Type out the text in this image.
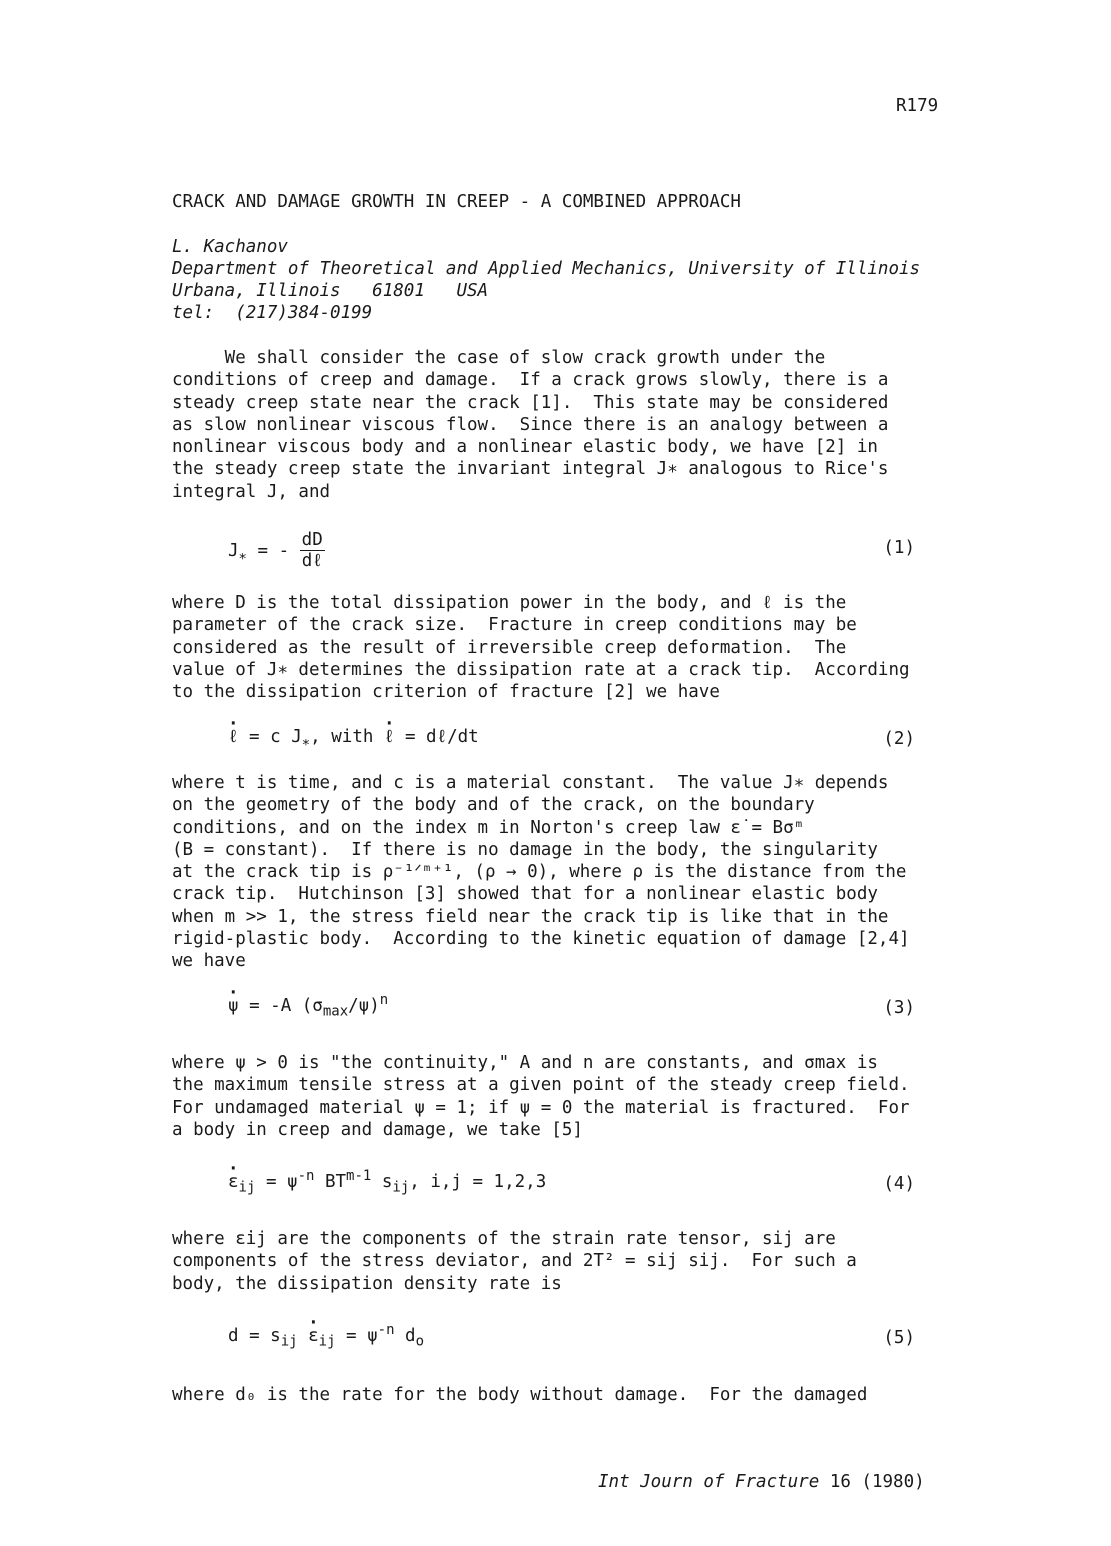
R179
CRACK AND DAMAGE GROWTH IN CREEP - A COMBINED APPROACH
L. Kachanov
Department of Theoretical and Applied Mechanics, University of Illinois
Urbana, Illinois   61801   USA
tel:  (217)384-0199
We shall consider the case of slow crack growth under the
conditions of creep and damage.  If a crack grows slowly, there is a
steady creep state near the crack [1].  This state may be considered
as slow nonlinear viscous flow.  Since there is an analogy between a
nonlinear viscous body and a nonlinear elastic body, we have [2] in
the steady creep state the invariant integral J∗ analogous to Rice's
integral J, and
$J_∗$ = - $\frac{dD}{\text{dℓ}}$	(1)
where D is the total dissipation power in the body, and ℓ is the
parameter of the crack size.  Fracture in creep conditions may be
considered as the result of irreversible creep deformation.  The
value of J∗ determines the dissipation rate at a crack tip.  According
to the dissipation criterion of fracture [2] we have
· ℓ = c $J_∗$, with · ℓ = dℓ/dt	(2)
where t is time, and c is a material constant.  The value J∗ depends
on the geometry of the body and of the crack, on the boundary
conditions, and on the index m in Norton's creep law ε̇ = Bσᵐ
(B = constant).  If there is no damage in the body, the singularity
at the crack tip is ρ⁻¹ᐟᵐ⁺¹, (ρ → 0), where ρ is the distance from the
crack tip.  Hutchinson [3] showed that for a nonlinear elastic body
when m >> 1, the stress field near the crack tip is like that in the
rigid-plastic body.  According to the kinetic equation of damage [2,4]
we have
· ψ = -A $(\sigma_{max}/\psi)^n$	(3)
where ψ > 0 is "the continuity," A and n are constants, and σmax is
the maximum tensile stress at a given point of the steady creep field.
For undamaged material ψ = 1; if ψ = 0 the material is fractured.  For
a body in creep and damage, we take [5]
· $\varepsilon_{ij} = \psi^{-n}$ BT$^{m-1}$ $s_{ij}$, i,j = 1,2,3	(4)
where ε̇ij are the components of the strain rate tensor, sij are
components of the stress deviator, and 2T² = sij sij.  For such a
body, the dissipation density rate is
$d = s_{ij} \cdot \varepsilon_{ij} = \psi^{-n}$ $d_o$	(5)
where d₀ is the rate for the body without damage.  For the damaged
Int Journ of Fracture 16 (1980)
